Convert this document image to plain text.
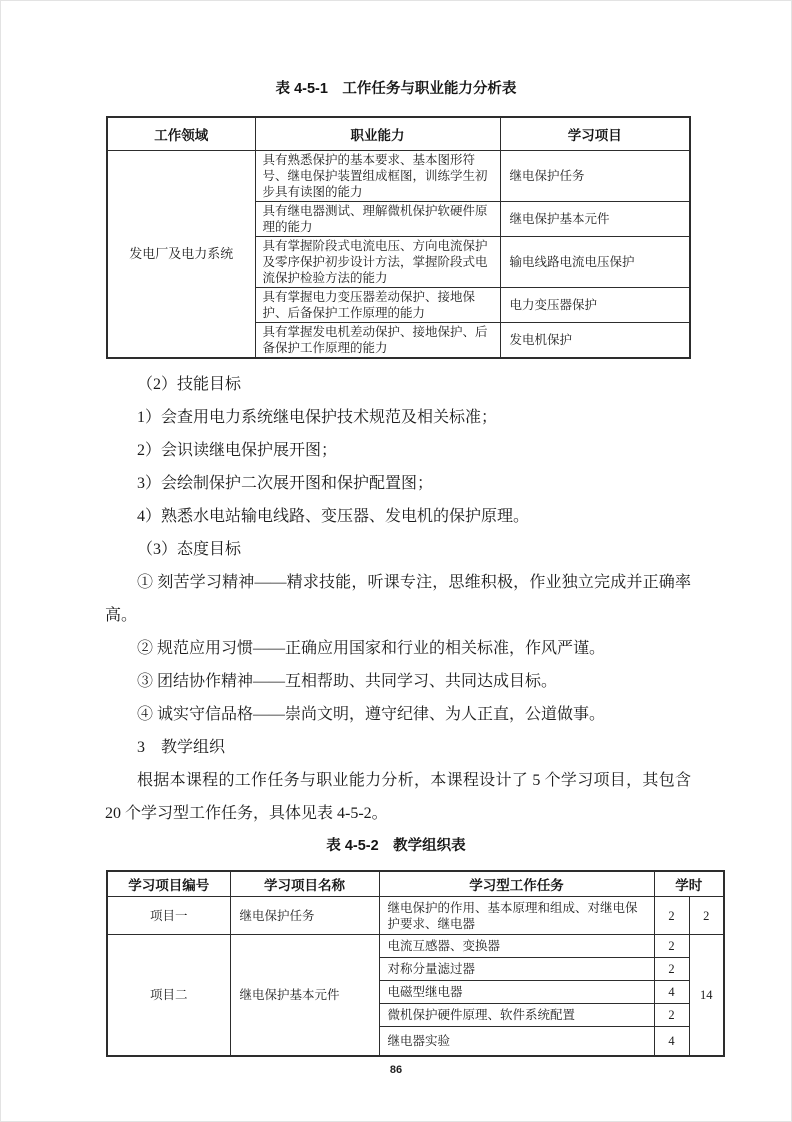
表 4-5-1　工作任务与职业能力分析表
工作领域	职业能力	学习项目
发电厂及电力系统	具有熟悉保护的基本要求、基本图形符号、继电保护装置组成框图，训练学生初步具有读图的能力	继电保护任务
	具有继电器测试、理解微机保护软硬件原理的能力	继电保护基本元件
	具有掌握阶段式电流电压、方向电流保护及零序保护初步设计方法，掌握阶段式电流保护检验方法的能力	输电线路电流电压保护
	具有掌握电力变压器差动保护、接地保护、后备保护工作原理的能力	电力变压器保护
	具有掌握发电机差动保护、接地保护、后备保护工作原理的能力	发电机保护

（2）技能目标

1）会查用电力系统继电保护技术规范及相关标准；

2）会识读继电保护展开图；

3）会绘制保护二次展开图和保护配置图；

4）熟悉水电站输电线路、变压器、发电机的保护原理。

（3）态度目标

① 刻苦学习精神——精求技能，听课专注，思维积极，作业独立完成并正确率高。

② 规范应用习惯——正确应用国家和行业的相关标准，作风严谨。

③ 团结协作精神——互相帮助、共同学习、共同达成目标。

④ 诚实守信品格——崇尚文明，遵守纪律、为人正直，公道做事。

3　教学组织

根据本课程的工作任务与职业能力分析，本课程设计了 5 个学习项目，其包含 20 个学习型工作任务，具体见表 4-5-2。

表 4-5-2　教学组织表
学习项目编号	学习项目名称	学习型工作任务	学时	
项目一	继电保护任务	继电保护的作用、基本原理和组成、对继电保护要求、继电器	2	2
项目二	继电保护基本元件	电流互感器、变换器	2	14
		对称分量滤过器	2	
		电磁型继电器	4	
		微机保护硬件原理、软件系统配置	2	
		继电器实验	4	
86
